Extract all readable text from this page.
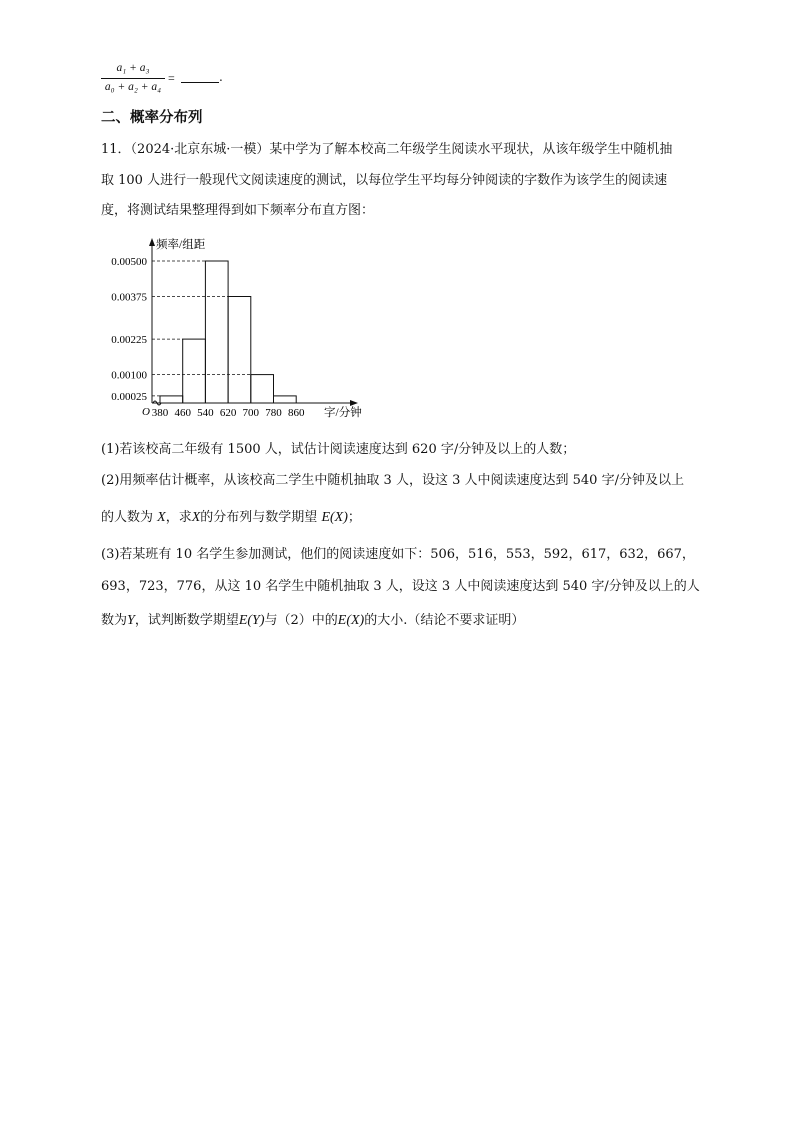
a₁ + a₃
a₀ + a₂ + a₄
=	.
二、概率分布列
11．（2024·北京东城·一模）某中学为了解本校高二年级学生阅读水平现状，从该年级学生中随机抽
取 100 人进行一般现代文阅读速度的测试，以每位学生平均每分钟阅读的字数作为该学生的阅读速
度，将测试结果整理得到如下频率分布直方图：
0.00025
0.00100
0.00225
0.00375
0.00500
380 460 540 620 700 780 860
O
频率/组距
字/分钟
(1)若该校高二年级有 1500 人，试估计阅读速度达到 620 字/分钟及以上的人数；
(2)用频率估计概率，从该校高二学生中随机抽取 3 人，设这 3 人中阅读速度达到 540 字/分钟及以上
的人数为 X，求X的分布列与数学期望 E(X)；
(3)若某班有 10 名学生参加测试，他们的阅读速度如下：506，516，553，592，617，632，667，
693，723，776，从这 10 名学生中随机抽取 3 人，设这 3 人中阅读速度达到 540 字/分钟及以上的人
数为Y，试判断数学期望E(Y)与（2）中的E(X)的大小.（结论不要求证明）
